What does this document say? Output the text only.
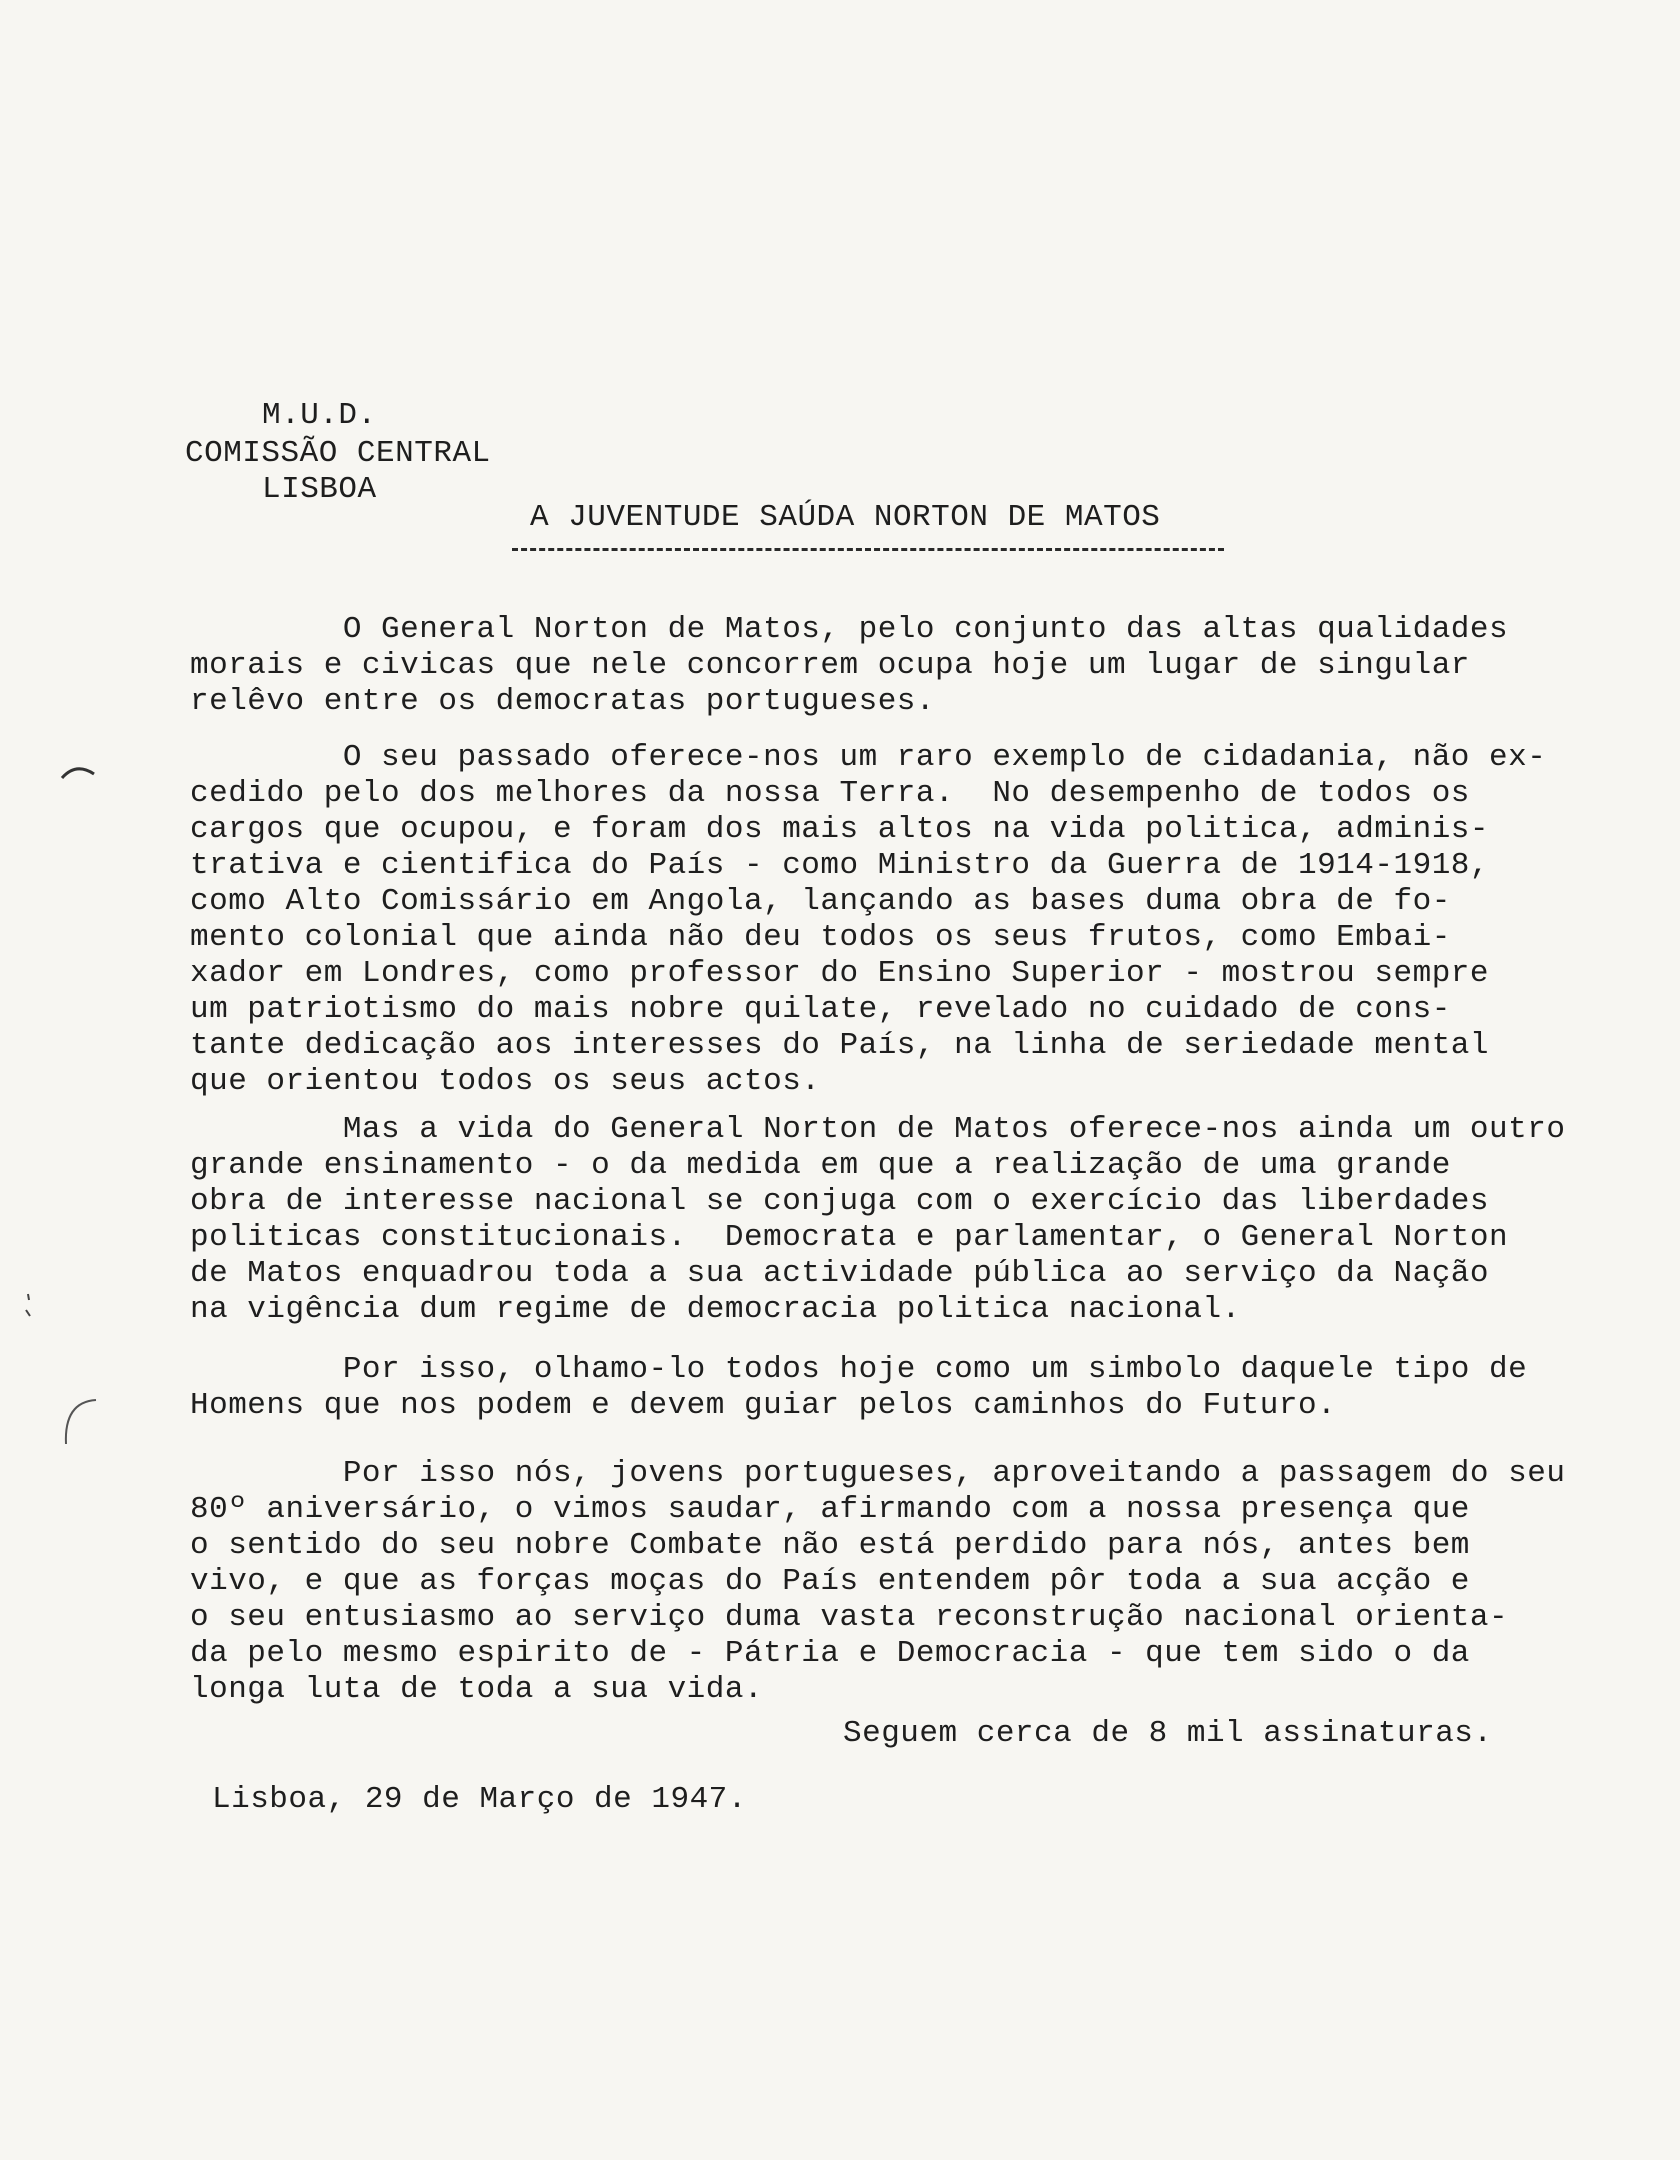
M.U.D.
COMISSÃO CENTRAL
LISBOA
A JUVENTUDE SAÚDA NORTON DE MATOS
O General Norton de Matos, pelo conjunto das altas qualidades
morais e civicas que nele concorrem ocupa hoje um lugar de singular
relêvo entre os democratas portugueses.
O seu passado oferece-nos um raro exemplo de cidadania, não ex-
cedido pelo dos melhores da nossa Terra.  No desempenho de todos os
cargos que ocupou, e foram dos mais altos na vida politica, adminis-
trativa e cientifica do País - como Ministro da Guerra de 1914-1918,
como Alto Comissário em Angola, lançando as bases duma obra de fo-
mento colonial que ainda não deu todos os seus frutos, como Embai-
xador em Londres, como professor do Ensino Superior - mostrou sempre
um patriotismo do mais nobre quilate, revelado no cuidado de cons-
tante dedicação aos interesses do País, na linha de seriedade mental
que orientou todos os seus actos.
Mas a vida do General Norton de Matos oferece-nos ainda um outro
grande ensinamento - o da medida em que a realização de uma grande
obra de interesse nacional se conjuga com o exercício das liberdades
politicas constitucionais.  Democrata e parlamentar, o General Norton
de Matos enquadrou toda a sua actividade pública ao serviço da Nação
na vigência dum regime de democracia politica nacional.
Por isso, olhamo-lo todos hoje como um simbolo daquele tipo de
Homens que nos podem e devem guiar pelos caminhos do Futuro.
Por isso nós, jovens portugueses, aproveitando a passagem do seu
80º aniversário, o vimos saudar, afirmando com a nossa presença que
o sentido do seu nobre Combate não está perdido para nós, antes bem
vivo, e que as forças moças do País entendem pôr toda a sua acção e
o seu entusiasmo ao serviço duma vasta reconstrução nacional orienta-
da pelo mesmo espirito de - Pátria e Democracia - que tem sido o da
longa luta de toda a sua vida.
Seguem cerca de 8 mil assinaturas.
Lisboa, 29 de Março de 1947.
